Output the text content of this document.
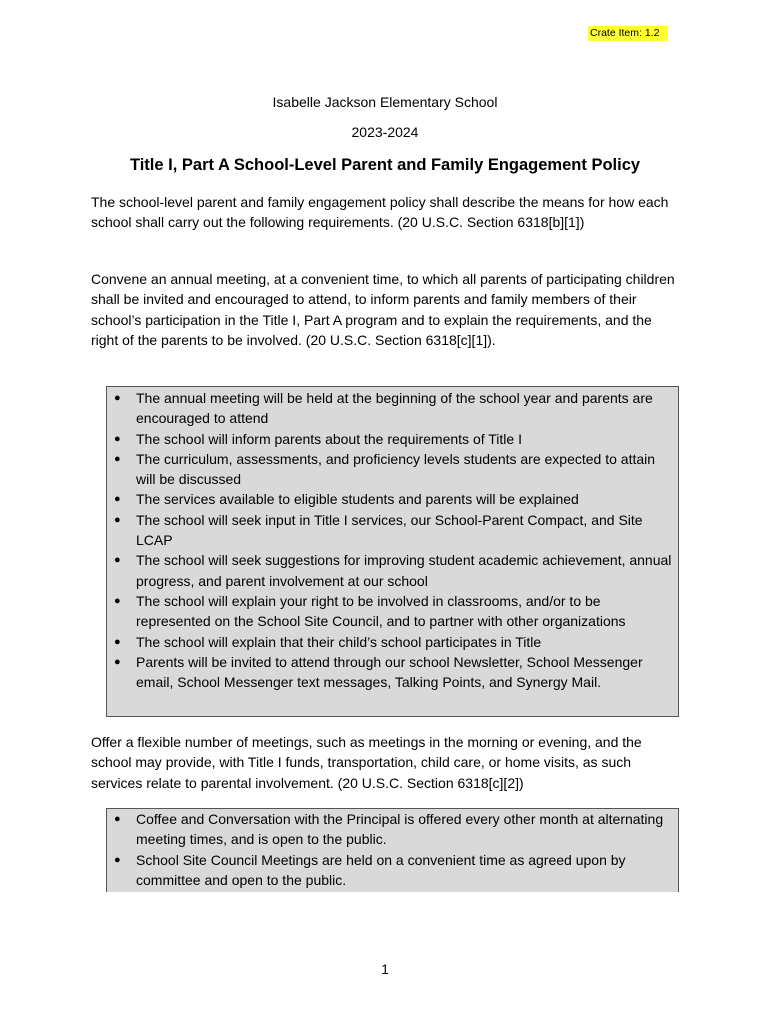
Crate Item: 1.2
Isabelle Jackson Elementary School
2023-2024
Title I, Part A School-Level Parent and Family Engagement Policy

The school-level parent and family engagement policy shall describe the means for how each school shall carry out the following requirements. (20 U.S.C. Section 6318[b][1])

Convene an annual meeting, at a convenient time, to which all parents of participating children shall be invited and encouraged to attend, to inform parents and family members of their school’s participation in the Title I, Part A program and to explain the requirements, and the right of the parents to be involved. (20 U.S.C. Section 6318[c][1]).

● The annual meeting will be held at the beginning of the school year and parents are encouraged to attend
● The school will inform parents about the requirements of Title I
● The curriculum, assessments, and proficiency levels students are expected to attain will be discussed
● The services available to eligible students and parents will be explained
● The school will seek input in Title I services, our School-Parent Compact, and Site LCAP
● The school will seek suggestions for improving student academic achievement, annual progress, and parent involvement at our school
● The school will explain your right to be involved in classrooms, and/or to be represented on the School Site Council, and to partner with other organizations
● The school will explain that their child’s school participates in Title
● Parents will be invited to attend through our school Newsletter, School Messenger email, School Messenger text messages, Talking Points, and Synergy Mail.

Offer a flexible number of meetings, such as meetings in the morning or evening, and the school may provide, with Title I funds, transportation, child care, or home visits, as such services relate to parental involvement. (20 U.S.C. Section 6318[c][2])

● Coffee and Conversation with the Principal is offered every other month at alternating meeting times, and is open to the public.
● School Site Council Meetings are held on a convenient time as agreed upon by committee and open to the public.
1
